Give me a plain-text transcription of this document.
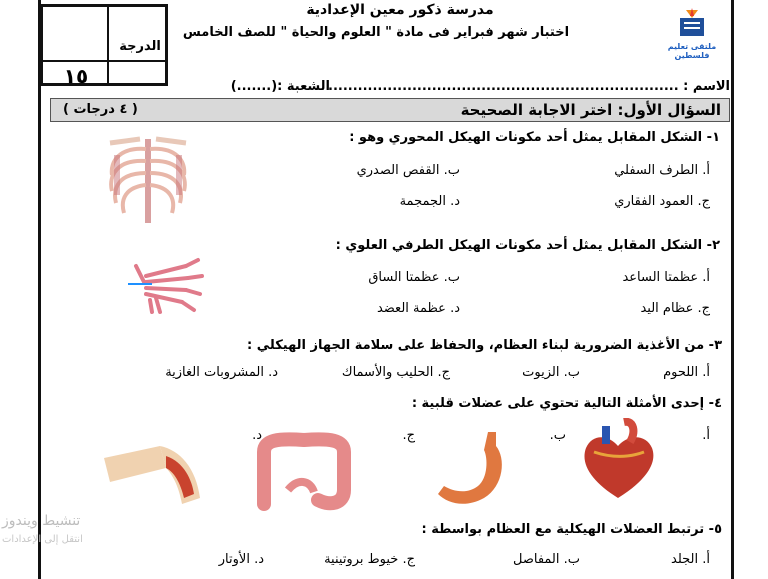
١٥
الدرجة
مدرسة ذكور معين الإعدادية
اختبار شهر فبراير فى مادة " العلوم والحياة " للصف الخامس
ملتقى تعليم فلسطين
الاسم : .......................................................................
الشعبة :(.......)
السؤال الأول: اختر الاجابة الصحيحة
( ٤ درجات )
١- الشكل المقابل يمثل أحد مكونات الهيكل المحوري وهو :
أ. الطرف السفلي
ب. القفص الصدري
ج. العمود الفقاري
د. الجمجمة
٢- الشكل المقابل يمثل أحد مكونات الهيكل الطرفي العلوي :
أ. عظمتا الساعد
ب. عظمتا الساق
ج. عظام اليد
د. عظمة العضد
٣- من الأغذية الضرورية لبناء العظام، والحفاظ على سلامة الجهاز الهيكلي :
أ. اللحوم
ب. الزيوت
ج. الحليب والأسماك
د. المشروبات الغازية
٤- إحدى الأمثلة التالية تحتوي على عضلات قلبية :
أ.
ب.
ج.
د.
٥- ترتبط العضلات الهيكلية مع العظام بواسطة :
أ. الجلد
ب. المفاصل
ج. خيوط بروتينية
د. الأوتار
تنشيط ويندوز
انتقل إلى الإعدادات
